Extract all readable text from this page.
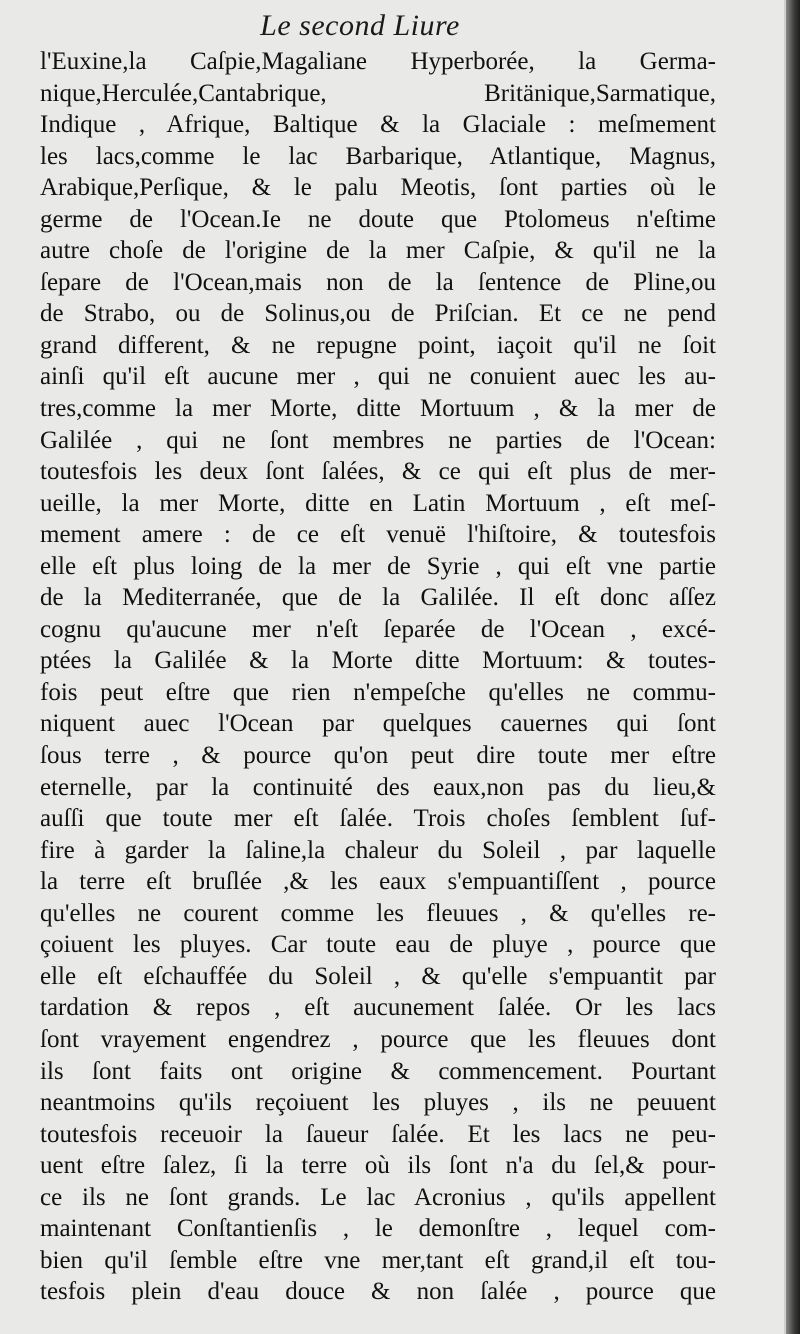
Le second Liure
l'Euxine,la Caſpie,Magaliane Hyperborée, la Germa-
nique,Herculée,Cantabrique, Britänique,Sarmatique,
Indique , Afrique, Baltique & la Glaciale : meſmement
les lacs,comme le lac Barbarique, Atlantique, Magnus,
Arabique,Perſique, & le palu Meotis, ſont parties où le
germe de l'Ocean.Ie ne doute que Ptolomeus n'eſtime
autre choſe de l'origine de la mer Caſpie, & qu'il ne la
ſepare de l'Ocean,mais non de la ſentence de Pline,ou
de Strabo, ou de Solinus,ou de Priſcian. Et ce ne pend
grand different, & ne repugne point, iaçoit qu'il ne ſoit
ainſi qu'il eſt aucune mer , qui ne conuient auec les au-
tres,comme la mer Morte, ditte Mortuum , & la mer de
Galilée , qui ne ſont membres ne parties de l'Ocean:
toutesfois les deux ſont ſalées, & ce qui eſt plus de mer-
ueille, la mer Morte, ditte en Latin Mortuum , eſt meſ-
mement amere : de ce eſt venuë l'hiſtoire, & toutesfois
elle eſt plus loing de la mer de Syrie , qui eſt vne partie
de la Mediterranée, que de la Galilée. Il eſt donc aſſez
cognu qu'aucune mer n'eſt ſeparée de l'Ocean , excé-
ptées la Galilée & la Morte ditte Mortuum: & toutes-
fois peut eſtre que rien n'empeſche qu'elles ne commu-
niquent auec l'Ocean par quelques cauernes qui ſont
ſous terre , & pource qu'on peut dire toute mer eſtre
eternelle, par la continuité des eaux,non pas du lieu,&
auſſi que toute mer eſt ſalée. Trois choſes ſemblent ſuf-
fire à garder la ſaline,la chaleur du Soleil , par laquelle
la terre eſt bruſlée ,& les eaux s'empuantiſſent , pource
qu'elles ne courent comme les fleuues , & qu'elles re-
çoiuent les pluyes. Car toute eau de pluye , pource que
elle eſt eſchauffée du Soleil , & qu'elle s'empuantit par
tardation & repos , eſt aucunement ſalée. Or les lacs
ſont vrayement engendrez , pource que les fleuues dont
ils ſont faits ont origine & commencement. Pourtant
neantmoins qu'ils reçoiuent les pluyes , ils ne peuuent
toutesfois receuoir la ſaueur ſalée. Et les lacs ne peu-
uent eſtre ſalez, ſi la terre où ils ſont n'a du ſel,& pour-
ce ils ne ſont grands. Le lac Acronius , qu'ils appellent
maintenant Conſtantienſis , le demonſtre , lequel com-
bien qu'il ſemble eſtre vne mer,tant eſt grand,il eſt tou-
tesfois plein d'eau douce & non ſalée , pource que
